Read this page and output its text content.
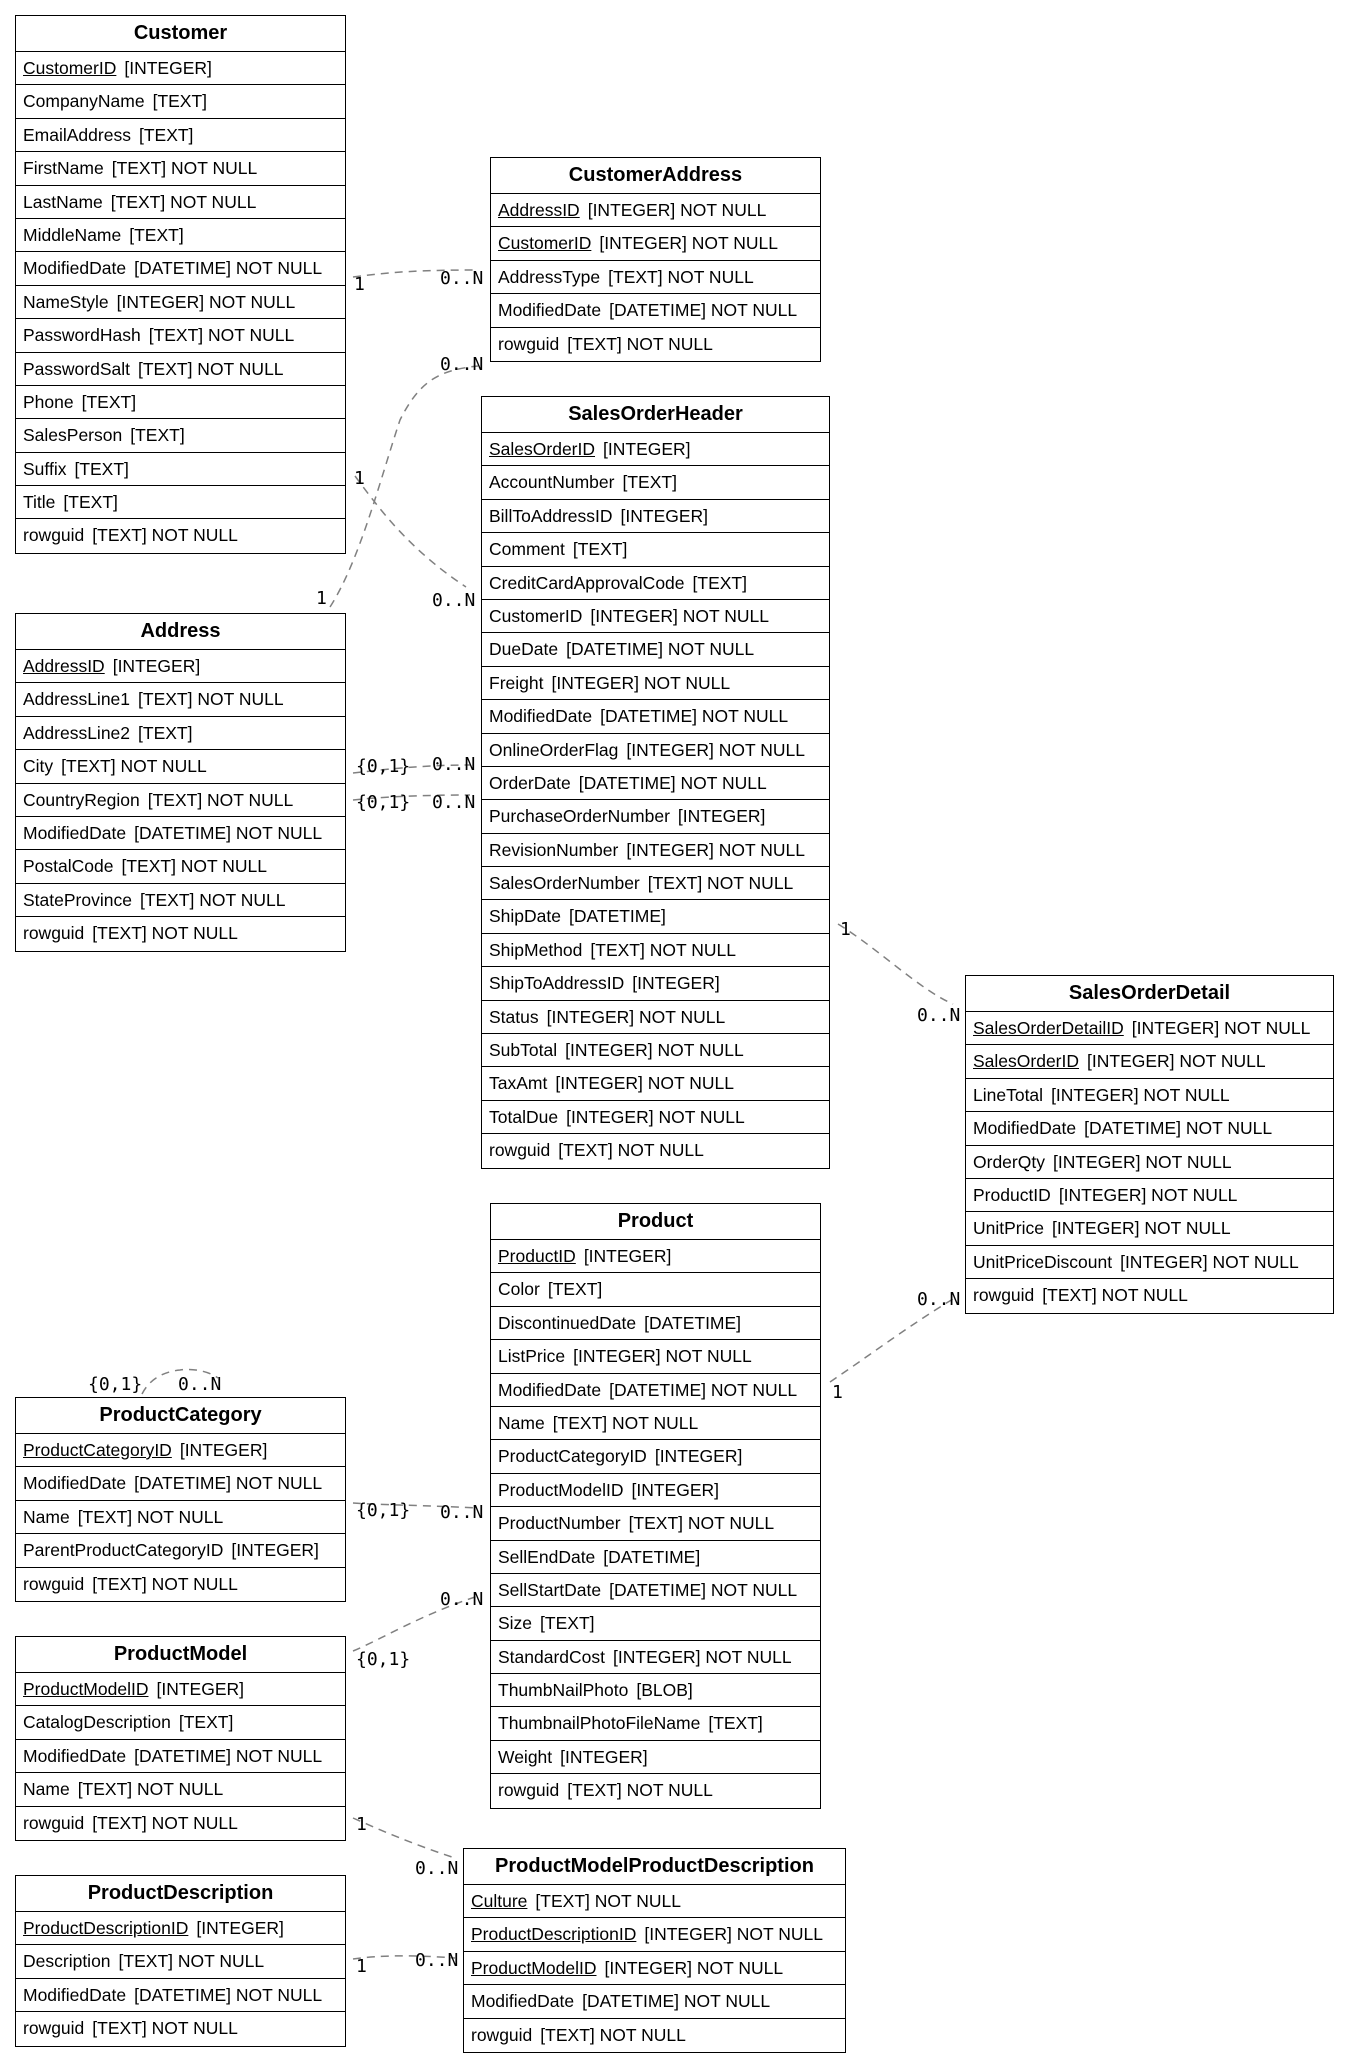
Customer
CustomerID [INTEGER]
CompanyName [TEXT]
EmailAddress [TEXT]
FirstName [TEXT] NOT NULL
LastName [TEXT] NOT NULL
MiddleName [TEXT]
ModifiedDate [DATETIME] NOT NULL
NameStyle [INTEGER] NOT NULL
PasswordHash [TEXT] NOT NULL
PasswordSalt [TEXT] NOT NULL
Phone [TEXT]
SalesPerson [TEXT]
Suffix [TEXT]
Title [TEXT]
rowguid [TEXT] NOT NULL
CustomerAddress
AddressID [INTEGER] NOT NULL
CustomerID [INTEGER] NOT NULL
AddressType [TEXT] NOT NULL
ModifiedDate [DATETIME] NOT NULL
rowguid [TEXT] NOT NULL
SalesOrderHeader
SalesOrderID [INTEGER]
AccountNumber [TEXT]
BillToAddressID [INTEGER]
Comment [TEXT]
CreditCardApprovalCode [TEXT]
CustomerID [INTEGER] NOT NULL
DueDate [DATETIME] NOT NULL
Freight [INTEGER] NOT NULL
ModifiedDate [DATETIME] NOT NULL
OnlineOrderFlag [INTEGER] NOT NULL
OrderDate [DATETIME] NOT NULL
PurchaseOrderNumber [INTEGER]
RevisionNumber [INTEGER] NOT NULL
SalesOrderNumber [TEXT] NOT NULL
ShipDate [DATETIME]
ShipMethod [TEXT] NOT NULL
ShipToAddressID [INTEGER]
Status [INTEGER] NOT NULL
SubTotal [INTEGER] NOT NULL
TaxAmt [INTEGER] NOT NULL
TotalDue [INTEGER] NOT NULL
rowguid [TEXT] NOT NULL
Address
AddressID [INTEGER]
AddressLine1 [TEXT] NOT NULL
AddressLine2 [TEXT]
City [TEXT] NOT NULL
CountryRegion [TEXT] NOT NULL
ModifiedDate [DATETIME] NOT NULL
PostalCode [TEXT] NOT NULL
StateProvince [TEXT] NOT NULL
rowguid [TEXT] NOT NULL
SalesOrderDetail
SalesOrderDetailID [INTEGER] NOT NULL
SalesOrderID [INTEGER] NOT NULL
LineTotal [INTEGER] NOT NULL
ModifiedDate [DATETIME] NOT NULL
OrderQty [INTEGER] NOT NULL
ProductID [INTEGER] NOT NULL
UnitPrice [INTEGER] NOT NULL
UnitPriceDiscount [INTEGER] NOT NULL
rowguid [TEXT] NOT NULL
Product
ProductID [INTEGER]
Color [TEXT]
DiscontinuedDate [DATETIME]
ListPrice [INTEGER] NOT NULL
ModifiedDate [DATETIME] NOT NULL
Name [TEXT] NOT NULL
ProductCategoryID [INTEGER]
ProductModelID [INTEGER]
ProductNumber [TEXT] NOT NULL
SellEndDate [DATETIME]
SellStartDate [DATETIME] NOT NULL
Size [TEXT]
StandardCost [INTEGER] NOT NULL
ThumbNailPhoto [BLOB]
ThumbnailPhotoFileName [TEXT]
Weight [INTEGER]
rowguid [TEXT] NOT NULL
ProductCategory
ProductCategoryID [INTEGER]
ModifiedDate [DATETIME] NOT NULL
Name [TEXT] NOT NULL
ParentProductCategoryID [INTEGER]
rowguid [TEXT] NOT NULL
ProductModel
ProductModelID [INTEGER]
CatalogDescription [TEXT]
ModifiedDate [DATETIME] NOT NULL
Name [TEXT] NOT NULL
rowguid [TEXT] NOT NULL
ProductDescription
ProductDescriptionID [INTEGER]
Description [TEXT] NOT NULL
ModifiedDate [DATETIME] NOT NULL
rowguid [TEXT] NOT NULL
ProductModelProductDescription
Culture [TEXT] NOT NULL
ProductDescriptionID [INTEGER] NOT NULL
ProductModelID [INTEGER] NOT NULL
ModifiedDate [DATETIME] NOT NULL
rowguid [TEXT] NOT NULL
1	0..N
1
0..N
1
0..N
{0,1} 0..N
{0,1} 0..N
1
0..N
1
0..N
{0,1} 0..N
{0,1} 0..N
{0,1}
0..N
1
0..N
1	0..N
